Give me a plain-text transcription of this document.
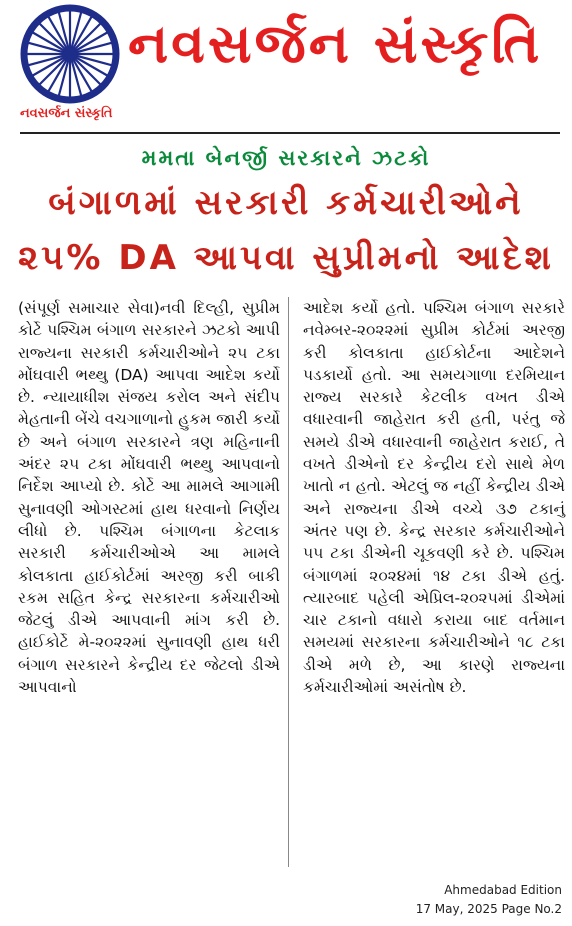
નવસર્જન સંસ્કૃતિ
નવસર્જન સંસ્કૃતિ
મમતા બેનર્જી સરકારને ઝટકો
બંગાળમાં સરકારી કર્મચારીઓને
૨૫% DA આપવા સુપ્રીમનો આદેશ

(સંપૂર્ણ સમાચાર સેવા)નવી દિલ્હી, સુપ્રીમ કોર્ટે પશ્ચિમ બંગાળ સરકારને ઝટકો આપી રાજ્યના સરકારી કર્મચારીઓને ૨૫ ટકા મોંઘવારી ભથ્થુ (DA) આપવા આદેશ કર્યો છે. ન્યાયાધીશ સંજય કરોલ અને સંદીપ મેહતાની બેંચે વચગાળાનો હુકમ જારી કર્યો છે અને બંગાળ સરકારને ત્રણ મહિનાની અંદર ૨૫ ટકા મોંઘવારી ભથ્થુ આપવાનો નિર્દેશ આપ્યો છે. કોર્ટે આ મામલે આગામી સુનાવણી ઓગસ્ટમાં હાથ ધરવાનો નિર્ણય લીધો છે. પશ્ચિમ બંગાળના કેટલાક સરકારી કર્મચારીઓએ આ મામલે કોલકાતા હાઈકોર્ટમાં અરજી કરી બાકી રકમ સહિત કેન્દ્ર સરકારના કર્મચારીઓ જેટલું ડીએ આપવાની માંગ કરી છે. હાઈકોર્ટે મે-૨૦૨૨માં સુનાવણી હાથ ધરી બંગાળ સરકારને કેન્દ્રીય દર જેટલો ડીએ આપવાનો

આદેશ કર્યો હતો. પશ્ચિમ બંગાળ સરકારે નવેમ્બર-૨૦૨૨માં સુપ્રીમ કોર્ટમાં અરજી કરી કોલકાતા હાઈકોર્ટના આદેશને પડકાર્યો હતો. આ સમયગાળા દરમિયાન રાજ્ય સરકારે કેટલીક વખત ડીએ વધારવાની જાહેરાત કરી હતી, પરંતુ જે સમયે ડીએ વધારવાની જાહેરાત કરાઈ, તે વખતે ડીએનો દર કેન્દ્રીય દરો સાથે મેળ ખાતો ન હતો. એટલું જ નહીં કેન્દ્રીય ડીએ અને રાજ્યના ડીએ વચ્ચે ૩૭ ટકાનું અંતર પણ છે. કેન્દ્ર સરકાર કર્મચારીઓને ૫૫ ટકા ડીએની ચૂકવણી કરે છે. પશ્ચિમ બંગાળમાં ૨૦૨૪માં ૧૪ ટકા ડીએ હતું. ત્યારબાદ પહેલી એપ્રિલ-૨૦૨૫માં ડીએમાં ચાર ટકાનો વધારો કરાયા બાદ વર્તમાન સમયમાં સરકારના કર્મચારીઓને ૧૮ ટકા ડીએ મળે છે, આ કારણે રાજ્યના કર્મચારીઓમાં અસંતોષ છે.

Ahmedabad Edition
17 May, 2025 Page No.2
